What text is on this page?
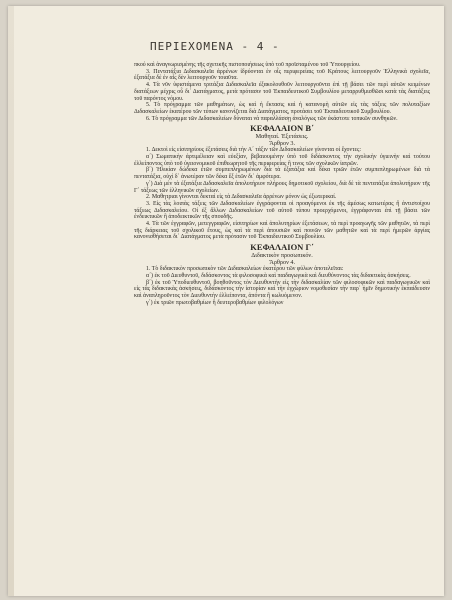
ΠΕΡΙΕΧΟΜΕΝΑ - 4 -

πκού καὶ ἀναγνωρισμένης τῆς σχετικῆς πιστοποιήσεως ὑπὸ τοῦ προϊσταμένου τοῦ Ὑπουργείου.

3. Πεντατάξια Διδασκαλεῖα ἀρρένων ἱδρύονται ἐν οἷς περιφερείαις τοῦ Κράτους λειτουργοῦν Ἑλληνικὰ σχολεῖα, ἐξατάξια δὲ ἐν αἷς δὲν λειτουργοῦν τοιαῦτα.

4. Τὰ νῦν ὑφιστάμενα τριτάξια Διδασκαλεῖα ἐξακολουθοῦν λειτουργοῦντα ἐπὶ τῇ βάσει τῶν περὶ αὐτῶν κειμένων διατάξεων μέχρις οὗ δι᾽ Διατάγματος, μετὰ πρότασιν τοῦ Ἐκπαιδευτικοῦ Συμβουλίου μεταρρυθμισθῶσι κατὰ τὰς διατάξεις τοῦ παρόντος νόμου.

5. Τὸ πρόγραμμα τῶν μαθημάτων, ὡς καὶ ἡ ἔκτασις καὶ ἡ κατανομὴ αὐτῶν εἰς τὰς τάξεις τῶν πολυταξίων Διδασκαλείων ἑκατέρου τῶν τύπων κανονίζεται διὰ Διατάγματος, προτάσει τοῦ Ἐκπαιδευτικοῦ Συμβουλίου.

6. Τὸ πρόγραμμα τῶν Διδασκαλείων δύναται νὰ παραλλάσσῃ ἀναλόγως τῶν ἑκάστοτε τοπικῶν συνθηκῶν.

ΚΕΦΑΛΑΙΟΝ Β΄

Μαθηταί. Ἐξετάσεις.

Ἄρθρον 3.

1. Δεκτοὶ εἰς εἰσιτηρίους ἐξετάσεις διὰ τὴν Α΄ τάξιν τῶν Διδασκαλείων γίνονται οἱ ἔχοντες:

α΄) Σωματικὴν ἀρτιμέλειαν καὶ εὐεξίαν, βεβαιουμένην ὑπὸ τοῦ διδάσκοντος τὴν σχολικὴν ὑγιεινὴν καὶ τούτου ἐλλείποντος ὑπὸ τοῦ ὑγειονομικοῦ ἐπιθεωρητοῦ τῆς περιφερείας ἢ τινος τῶν σχολικῶν ἰατρῶν.

β΄) Ἡλικίαν δώδεκα ἐτῶν συμπεπληρωμένων διὰ τὰ ἑξατάξια καὶ δέκα τριῶν ἐτῶν συμπεπληρωμένων διὰ τὰ πεντατάξια, οὐχὶ δ᾽ ἀνωτέραν τῶν δέκα ἓξ ἐτῶν δι᾽ ἀμφότερα.

γ΄) Διὰ μὲν τὰ ἑξατάξια Διδασκαλεῖα ἀπολυτήριον πλήρους δημοτικοῦ σχολείου, διὰ δὲ τὰ πεντατάξια ἀπολυτήριον τῆς Γ΄ τάξεως τῶν ἑλληνικῶν σχολείων.

2. Μαθητριαι γίνονται δεκταὶ εἰς τὰ Διδασκαλεῖα ἀρρένων μόνον ὡς ἐξωτερικαί.

3. Εἰς τὰς λοιπὰς τάξεις τῶν Διδασκαλείων ἐγγράφονται οἱ προαγόμενοι ἐκ τῆς ἀμέσως κατωτέρας ἢ ἀντιστοίχου τάξεως Διδασκαλείου. Οἱ ἐξ ἄλλων Διδασκαλείων τοῦ αὐτοῦ τύπου προερχόμενοι, ἐγγράφονται ἐπὶ τῇ βάσει τῶν ἐνδεικτικῶν ἢ ἀποδεικτικῶν τῆς σπουδῆς.

4. Τὰ τῶν ἐγγραφῶν, μετεγγραφῶν, εἰσιτηρίων καὶ ἀπολυτηρίων ἐξετάσεων, τὰ περὶ προαγωγῆς τῶν μαθητῶν, τὰ περὶ τῆς διάρκειας τοῦ σχολικοῦ ἔτους, ὡς καὶ τὰ περὶ ἀπουσιῶν καὶ ποινῶν τῶν μαθητῶν καὶ τὰ περὶ ἡμερῶν ἀργίας κανονισθήσεται δι᾽ Διατάγματος μετὰ πρότασιν τοῦ Ἐκπαιδευτικοῦ Συμβουλίου.

ΚΕΦΑΛΑΙΟΝ Γ΄

Διδακτικὸν προσωπικόν.

Ἄρθρον 4.

1. Τὸ διδακτικὸν προσωπικὸν τῶν Διδασκαλείων ἑκατέρου τῶν φύλων ἀποτελεῖται:

α΄) ἐκ τοῦ Διευθυντοῦ, διδάσκοντος τὰ φιλοσοφικὰ καὶ παιδαγωγικὰ καὶ διευθύνοντος τὰς διδακτικὰς ἀσκήσεις.

β΄) ἐκ τοῦ Ὑποδιευθυντοῦ, βοηθοῦντος τὸν Διευθυντὴν εἰς τὴν διδασκαλίαν τῶν φιλοσοφικῶν καὶ παιδαγωγικῶν καὶ εἰς τὰς διδακτικὰς ἀσκήσεις, διδάσκοντος τὴν ἱστορίαν καὶ τὴν ἐγχώριον νομοθεσίαν τὴν παρ᾽ ἡμῖν δημοτικὴν ἐκπαίδευσιν καὶ ἀναπληροῦντος τὸν Διευθυντὴν ἐλλείποντα, ἀπόντα ἢ κωλυόμενον.

γ΄) ἐκ τριῶν πρωτοβαθμίων ἢ δευτεροβαθμίων φιλολόγων
